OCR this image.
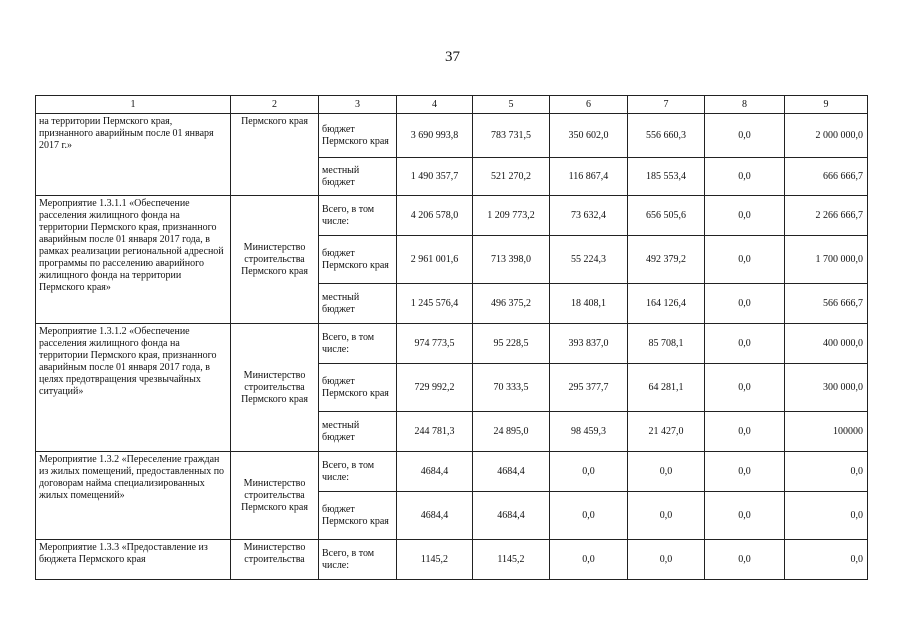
37
1	2	3	4	5	6	7	8	9
на территории Пермского края, признанного аварийным после 01 января 2017 г.»	Пермского края	бюджет Пермского края	3 690 993,8	783 731,5	350 602,0	556 660,3	0,0	2 000 000,0
		местный бюджет	1 490 357,7	521 270,2	116 867,4	185 553,4	0,0	666 666,7
Мероприятие 1.3.1.1 «Обеспечение расселения жилищного фонда на территории Пермского края, признанного аварийным после 01 января 2017 года, в рамках реализации региональной адресной программы по расселению аварийного жилищного фонда на территории Пермского края»	Министерство строительства Пермского края	Всего, в том числе:	4 206 578,0	1 209 773,2	73 632,4	656 505,6	0,0	2 266 666,7
		бюджет Пермского края	2 961 001,6	713 398,0	55 224,3	492 379,2	0,0	1 700 000,0
		местный бюджет	1 245 576,4	496 375,2	18 408,1	164 126,4	0,0	566 666,7
Мероприятие 1.3.1.2 «Обеспечение расселения жилищного фонда на территории Пермского края, признанного аварийным после 01 января 2017 года, в целях предотвращения чрезвычайных ситуаций»	Министерство строительства Пермского края	Всего, в том числе:	974 773,5	95 228,5	393 837,0	85 708,1	0,0	400 000,0
		бюджет Пермского края	729 992,2	70 333,5	295 377,7	64 281,1	0,0	300 000,0
		местный бюджет	244 781,3	24 895,0	98 459,3	21 427,0	0,0	100000
Мероприятие 1.3.2 «Переселение граждан из жилых помещений, предоставленных по договорам найма специализированных жилых помещений»	Министерство строительства Пермского края	Всего, в том числе:	4684,4	4684,4	0,0	0,0	0,0	0,0
		бюджет Пермского края	4684,4	4684,4	0,0	0,0	0,0	0,0
Мероприятие 1.3.3 «Предоставление из бюджета Пермского края	Министерство строительства	Всего, в том числе:	1145,2	1145,2	0,0	0,0	0,0	0,0
